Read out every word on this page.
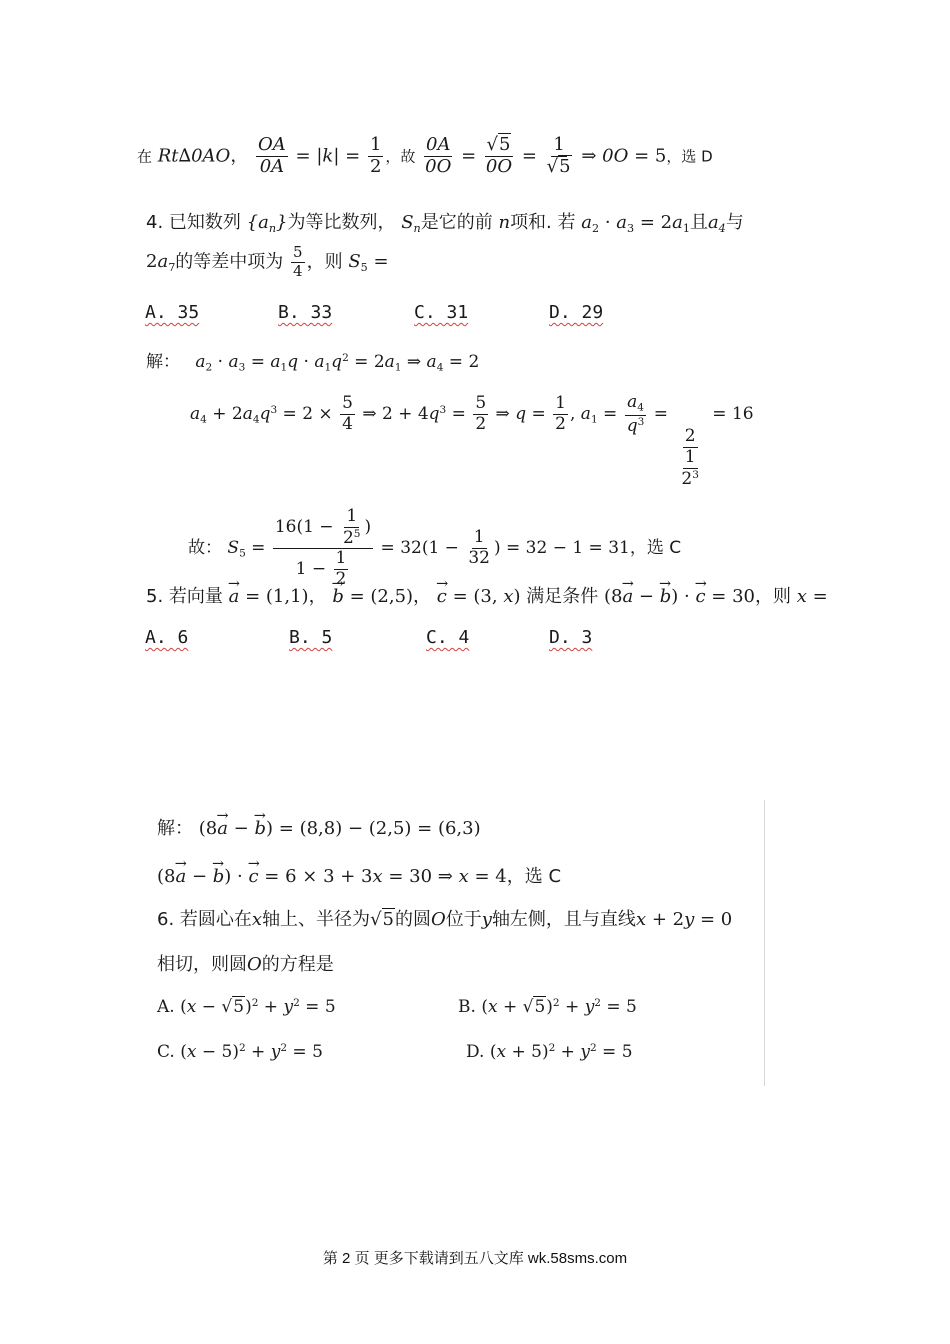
在 Rt∆0AO， $\frac{OA}{0A} = |k| = \frac{1}{2}$ ，故 $\frac{0A}{0O} = \frac{√5}{0O} = \frac{1}{√5}$ ⇒ 0O = 5，选 D
4. 已知数列 $\{a_n\}$为等比数列， $S_n$是它的前 n项和. 若 $a_2 \cdot a_3 = 2a_1$且$a_4$与
$2a_7$的等差中项为 $\frac{5}{4}$ ，则 $S_5$ =
A. 35	B. 33	C. 31	D. 29
解： $a_2 \cdot a_3 = a_1q \cdot a_1q^2 = 2a_1$ ⇒ $a_4 = 2$
$a_4 + 2a_4q^3 = 2 \times \frac{5}{4}$ ⇒ $2 + 4q^3 = \frac{5}{2}$ ⇒ $q = \frac{1}{2}$ , $a_1 = \frac{a_4}{q^3}$ =
$\frac{2}{\frac{1}{2^3}}$
= 16
故： $S_5 = \frac{16(1 - \frac{1}{2^5} )}{1 - \frac{1}{2}} = 32(1 - \frac{1}{32}$ ) = 32 − 1 = 31，选 C
5. 若向量 → a = (1,1)， → b = (2,5)， → c = (3, x) 满足条件 (8→ a − → b) · → c = 30，则 x =
A. 6	B. 5	C. 4	D. 3
解： (8→ a − → b) = (8,8) − (2,5) = (6,3)
(8→ a − → b) · → c = 6 × 3 + 3x = 30 ⇒ x = 4，选 C
6. 若圆心在x轴上、半径为√5的圆O位于y轴左侧，且与直线x + 2y = 0
相切，则圆O的方程是
A. $(x - √5)^2 + y^2 = 5$	B. $(x + √5)^2 + y^2 = 5$
C. $(x - 5)^2 + y^2 = 5$	D. $(x + 5)^2 + y^2 = 5$
第 2 页 更多下载请到五八文库 wk.58sms.com
